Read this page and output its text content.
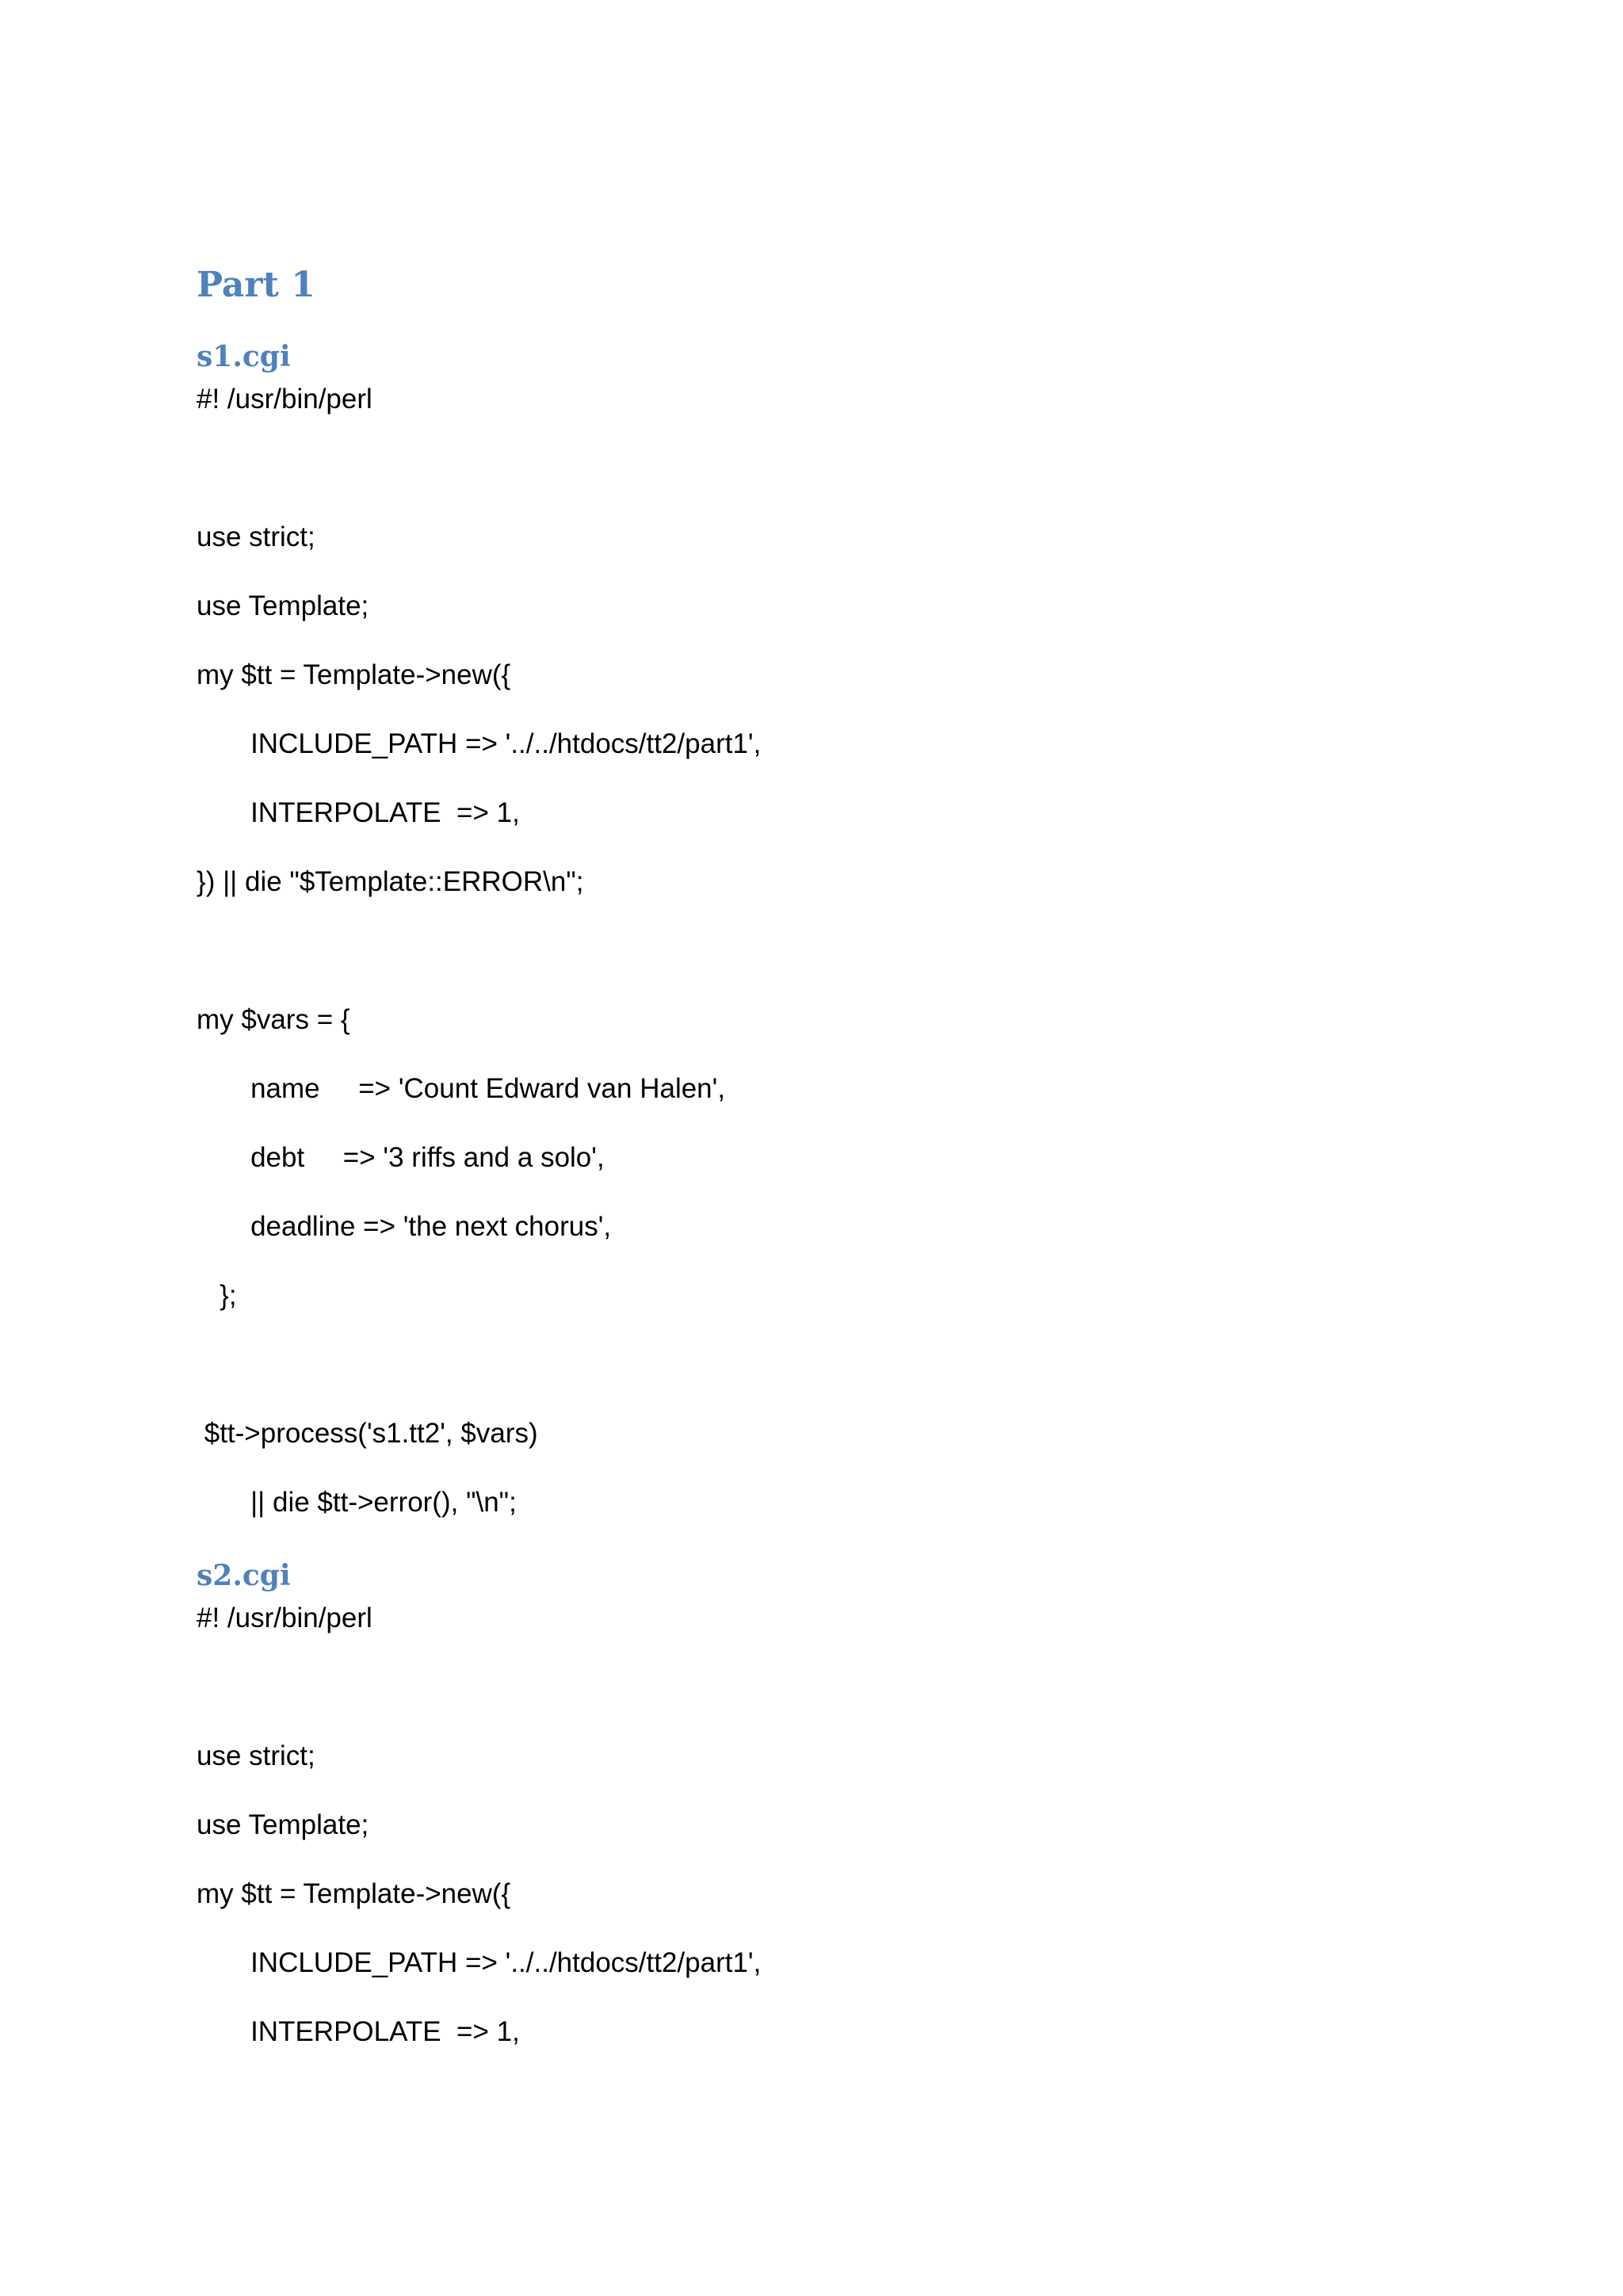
Part 1
s1.cgi
#! /usr/bin/perl
use strict;
use Template;
my $tt = Template->new({
INCLUDE_PATH => '../../htdocs/tt2/part1',
INTERPOLATE  => 1,
}) || die "$Template::ERROR\n";
my $vars = {
name     => 'Count Edward van Halen',
debt     => '3 riffs and a solo',
deadline => 'the next chorus',
};
$tt->process('s1.tt2', $vars)
|| die $tt->error(), "\n";
s2.cgi
#! /usr/bin/perl
use strict;
use Template;
my $tt = Template->new({
INCLUDE_PATH => '../../htdocs/tt2/part1',
INTERPOLATE  => 1,
